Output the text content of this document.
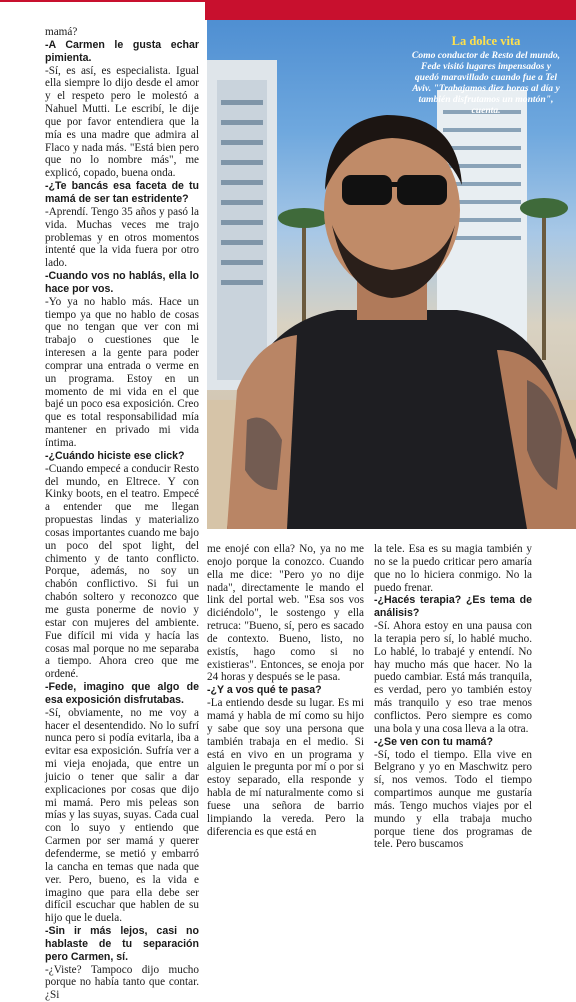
mamá?

-A Carmen le gusta echar pimienta.

-Sí, es así, es especialista. Igual ella siempre lo dijo desde el amor y el respeto pero le molestó a Nahuel Mutti. Le escribí, le dije que por favor entendiera que la mía es una madre que admira al Flaco y nada más. "Está bien pero que no lo nombre más", me explicó, copado, buena onda.

-¿Te bancás esa faceta de tu mamá de ser tan estridente?

-Aprendí. Tengo 35 años y pasó la vida. Muchas veces me trajo problemas y en otros momentos intenté que la vida fuera por otro lado.

-Cuando vos no hablás, ella lo hace por vos.

-Yo ya no hablo más. Hace un tiempo ya que no hablo de cosas que no tengan que ver con mi trabajo o cuestiones que le interesen a la gente para poder comprar una entrada o verme en un programa. Estoy en un momento de mi vida en el que bajé un poco esa exposición. Creo que es total responsabilidad mía mantener en privado mi vida íntima.

-¿Cuándo hiciste ese click?

-Cuando empecé a conducir Resto del mundo, en Eltrece. Y con Kinky boots, en el teatro. Empecé a entender que me llegan propuestas lindas y materializo cosas importantes cuando me bajo un poco del spot light, del chimento y de tanto conflicto. Porque, además, no soy un chabón conflictivo. Si fui un chabón soltero y reconozco que me gusta ponerme de novio y estar con mujeres del ambiente. Fue difícil mi vida y hacía las cosas mal porque no me separaba a tiempo. Ahora creo que me ordené.

-Fede, imagino que algo de esa exposición disfrutabas.

-Sí, obviamente, no me voy a hacer el desentendido. No lo sufrí nunca pero si podía evitarla, iba a evitar esa exposición. Sufría ver a mi vieja enojada, que entre un juicio o tener que salir a dar explicaciones por cosas que dijo mi mamá. Pero mis peleas son mías y las suyas, suyas. Cada cual con lo suyo y entiendo que Carmen por ser mamá y querer defenderme, se metió y embarró la cancha en temas que nada que ver. Pero, bueno, es la vida e imagino que para ella debe ser difícil escuchar que hablen de su hijo que le duela.

-Sin ir más lejos, casi no hablaste de tu separación pero Carmen, sí.

-¿Viste? Tampoco dijo mucho porque no había tanto que contar. ¿Si

La dolce vita
Como conductor de Resto del mundo, Fede visitó lugares impensados y quedó maravillado cuando fue a Tel Aviv. "Trabajamos diez horas al día y también disfrutamos un montón", cuenta.

me enojé con ella? No, ya no me enojo porque la conozco. Cuando ella me dice: "Pero yo no dije nada", directamente le mando el link del portal web. "Esa sos vos diciéndolo", le sostengo y ella retruca: "Bueno, sí, pero es sacado de contexto. Bueno, listo, no existís, hago como si no existieras". Entonces, se enoja por 24 horas y después se le pasa.

-¿Y a vos qué te pasa?

-La entiendo desde su lugar. Es mi mamá y habla de mí como su hijo y sabe que soy una persona que también trabaja en el medio. Si está en vivo en un programa y alguien le pregunta por mí o por si estoy separado, ella responde y habla de mí naturalmente como si fuese una señora de barrio limpiando la vereda. Pero la diferencia es que está en

la tele. Esa es su magia también y no se la puedo criticar pero amaría que no lo hiciera conmigo. No la puedo frenar.

-¿Hacés terapia? ¿Es tema de análisis?

-Sí. Ahora estoy en una pausa con la terapia pero sí, lo hablé mucho. Lo hablé, lo trabajé y entendí. No hay mucho más que hacer. No la puedo cambiar. Está más tranquila, es verdad, pero yo también estoy más tranquilo y eso trae menos conflictos. Pero siempre es como una bola y una cosa lleva a la otra.

-¿Se ven con tu mamá?

-Sí, todo el tiempo. Ella vive en Belgrano y yo en Maschwitz pero sí, nos vemos. Todo el tiempo compartimos aunque me gustaría más. Tengo muchos viajes por el mundo y ella trabaja mucho porque tiene dos programas de tele. Pero buscamos
